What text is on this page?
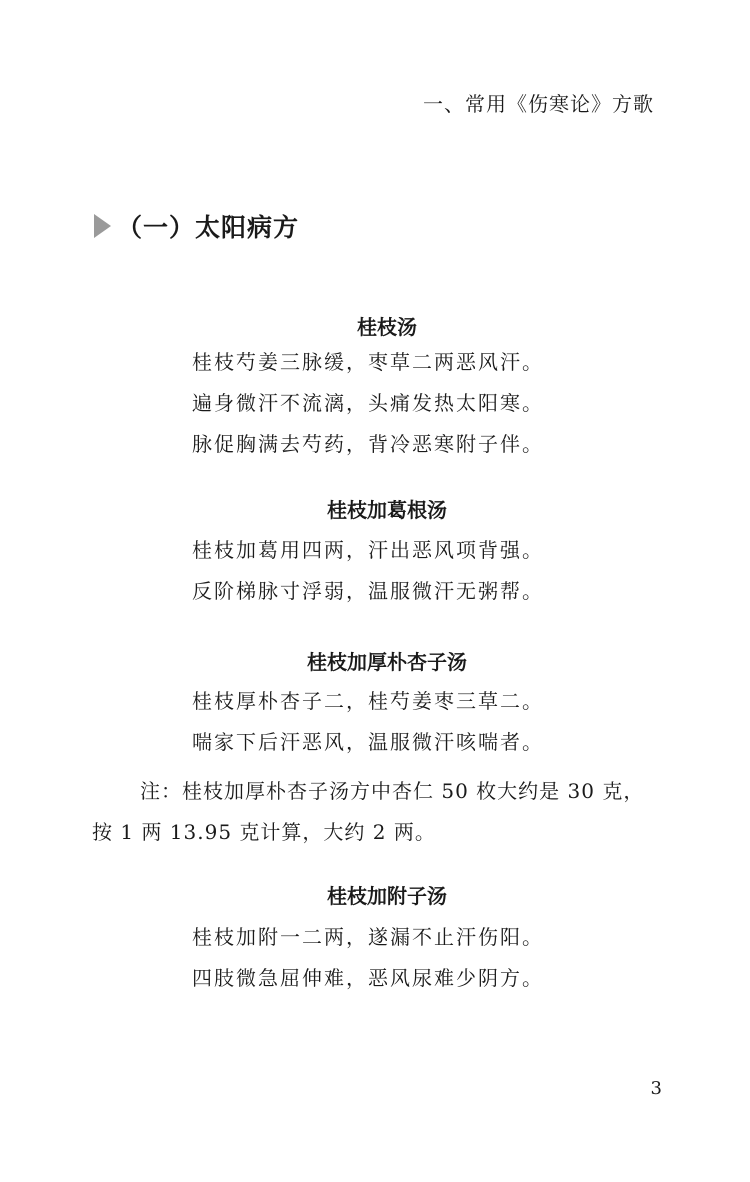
一、常用《伤寒论》方歌
（一）太阳病方
桂枝汤
桂枝芍姜三脉缓，枣草二两恶风汗。
遍身微汗不流漓，头痛发热太阳寒。
脉促胸满去芍药，背冷恶寒附子伴。
桂枝加葛根汤
桂枝加葛用四两，汗出恶风项背强。
反阶梯脉寸浮弱，温服微汗无粥帮。
桂枝加厚朴杏子汤
桂枝厚朴杏子二，桂芍姜枣三草二。
喘家下后汗恶风，温服微汗咳喘者。
注：桂枝加厚朴杏子汤方中杏仁 50 枚大约是 30 克，
按 1 两 13.95 克计算，大约 2 两。
桂枝加附子汤
桂枝加附一二两，遂漏不止汗伤阳。
四肢微急屈伸难，恶风尿难少阴方。
3
